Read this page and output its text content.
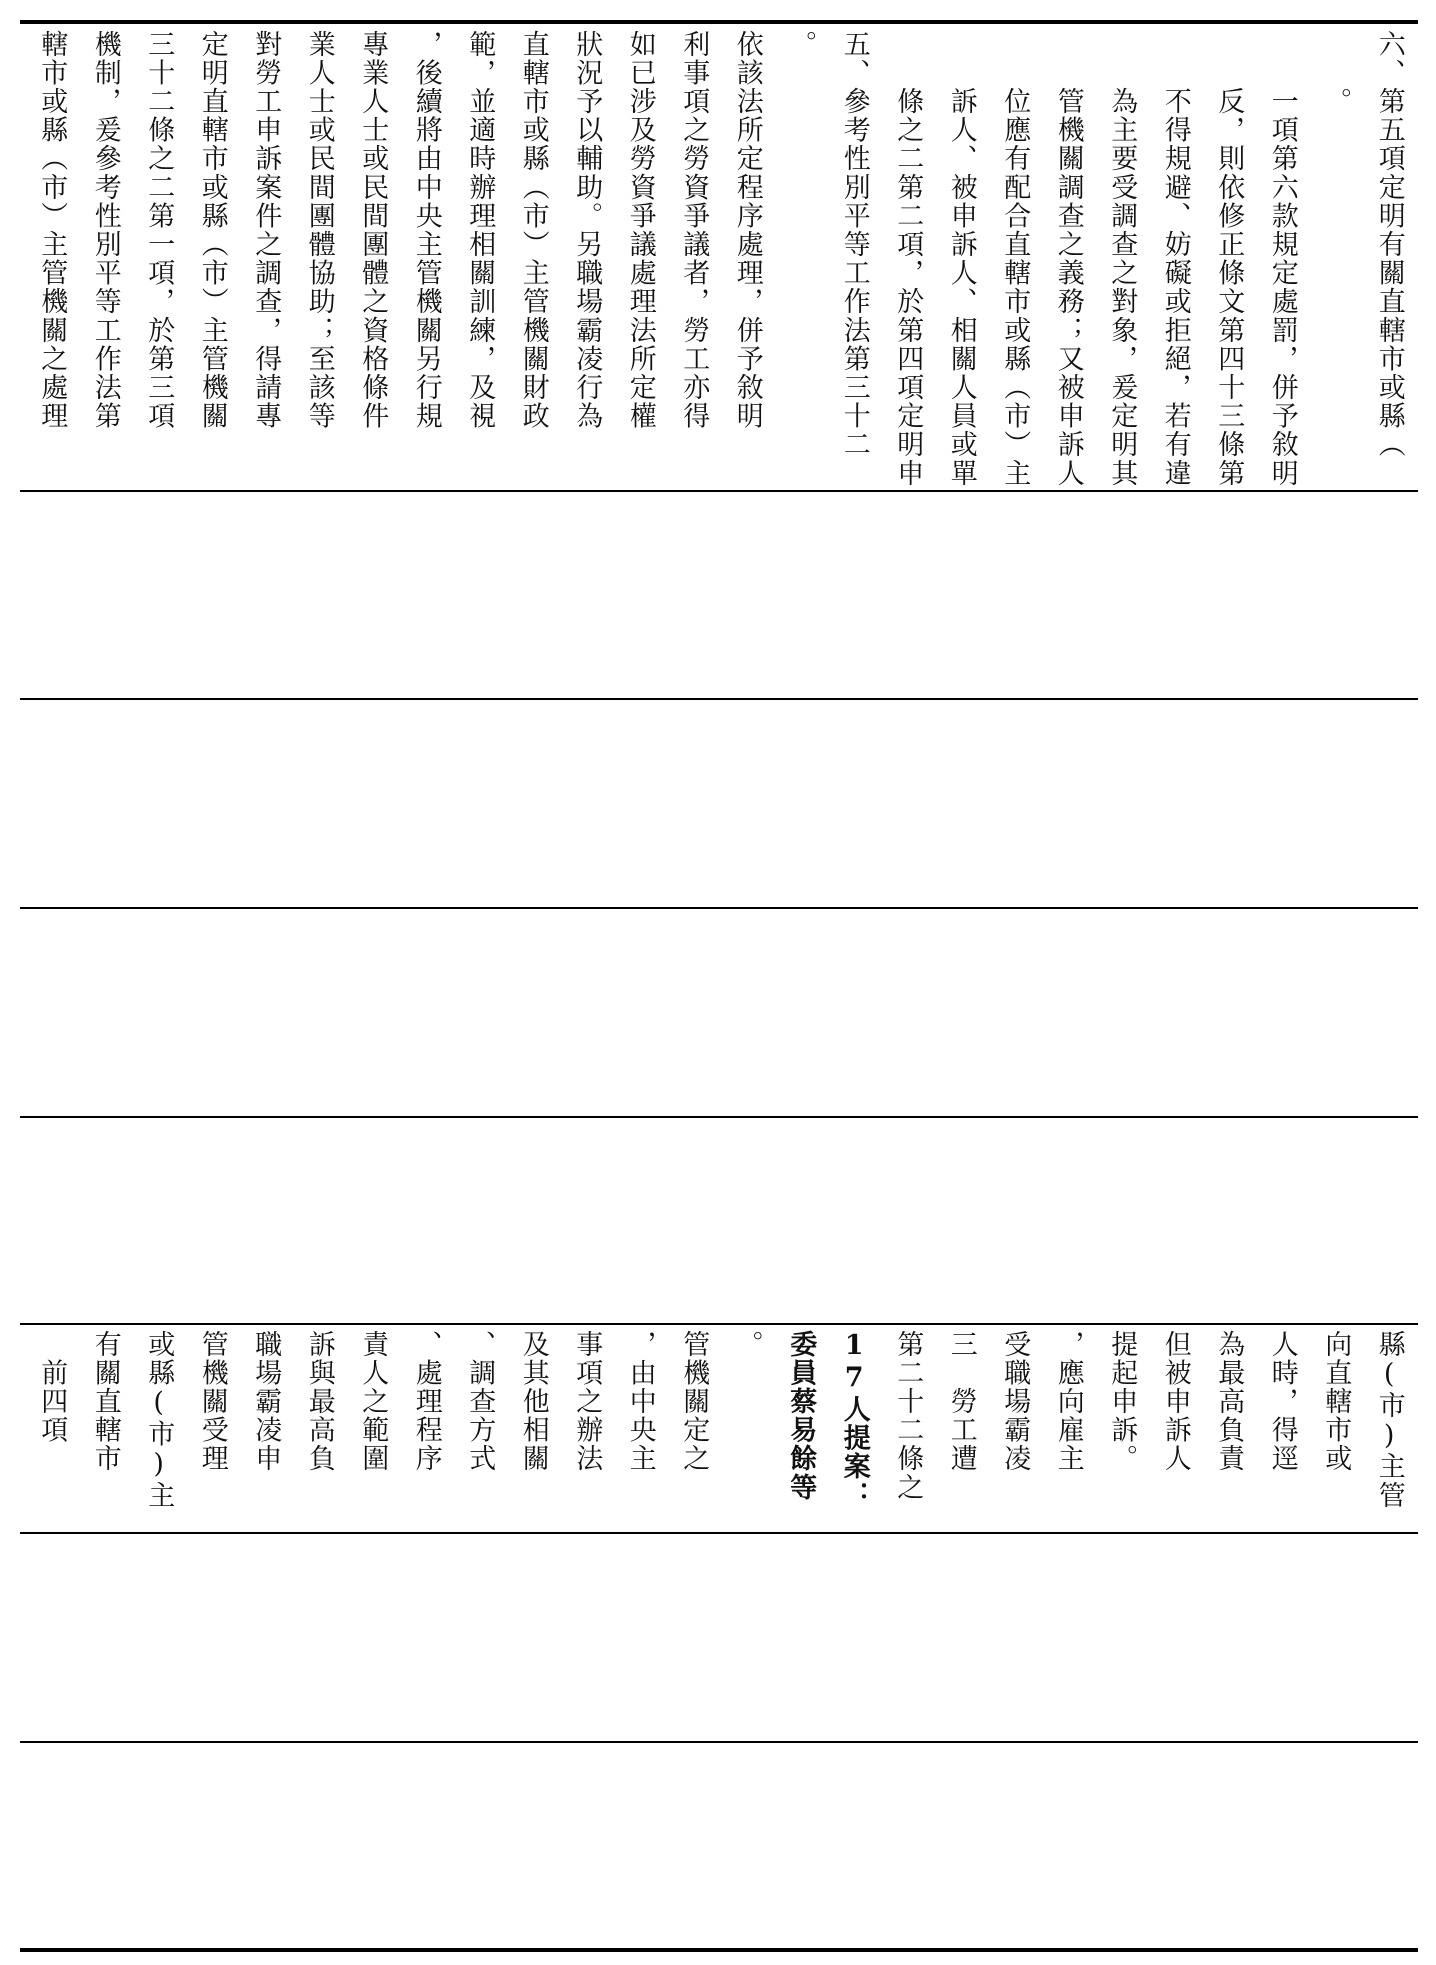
轄市或縣（市）主管機關之處理 機制，爰參考性別平等工作法第 三十二條之二第一項，於第三項 定明直轄市或縣（市）主管機關 對勞工申訴案件之調查，得請專 業人士或民間團體協助；至該等 專業人士或民間團體之資格條件 ，後續將由中央主管機關另行規 範，並適時辦理相關訓練，及視 直轄市或縣（市）主管機關財政 狀況予以輔助。另職場霸凌行為 如已涉及勞資爭議處理法所定權 利事項之勞資爭議者，勞工亦得 依該法所定程序處理，併予敘明 。 五、參考性別平等工作法第三十二 　　條之二第二項，於第四項定明申 　　訴人、被申訴人、相關人員或單 　　位應有配合直轄市或縣（市）主 　　管機關調查之義務；又被申訴人 　　為主要受調查之對象，爰定明其 　　不得規避、妨礙或拒絕，若有違 　　反，則依修正條文第四十三條第 　　一項第六款規定處罰，併予敘明 　　。 六、第五項定明有關直轄市或縣（
　前四項 有關直轄市 或縣(市)主 管機關受理 職場霸凌申 訴與最高負 責人之範圍 、處理程序 、調查方式 及其他相關 事項之辦法 ，由中央主 管機關定之 。 委員蔡易餘等 17人提案： 第二十二條之 三　勞工遭 受職場霸凌 ，應向雇主 提起申訴。 但被申訴人 為最高負責 人時，得逕 向直轄市或 縣(市)主管
